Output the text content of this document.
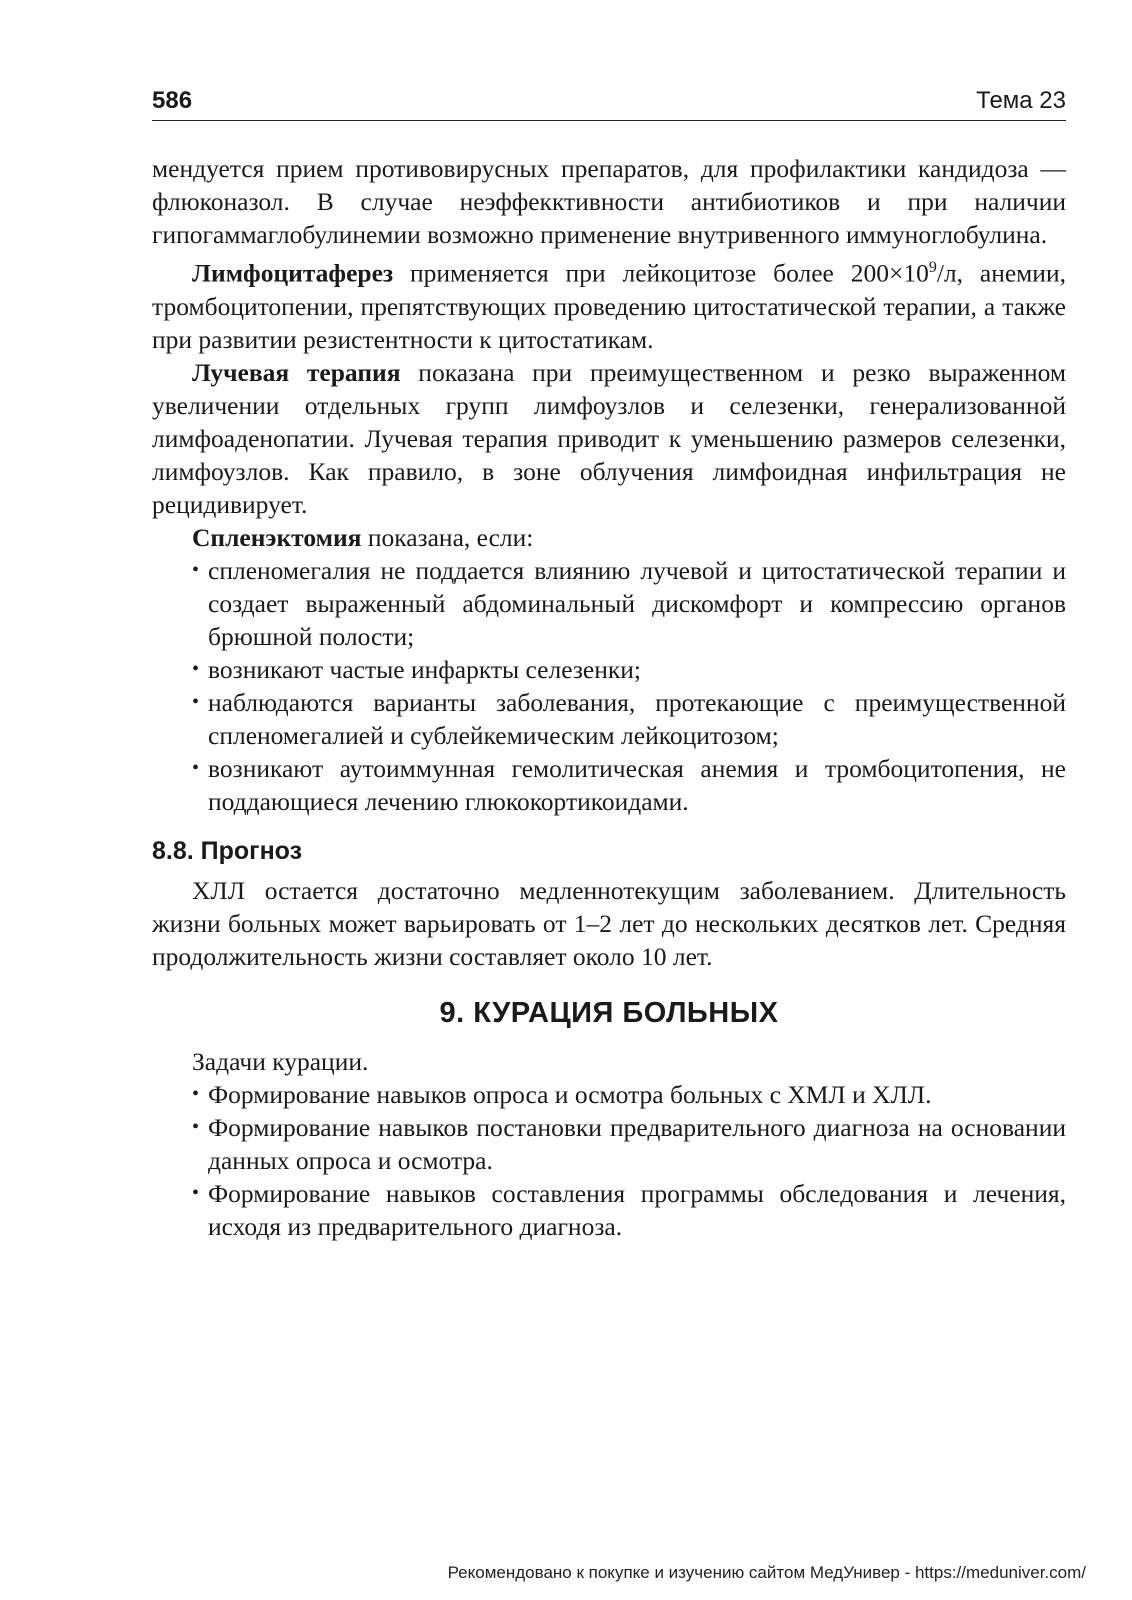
586	Тема 23

мендуется прием противовирусных препаратов, для профилактики кандидоза — флюконазол. В случае неэффекктивности антибиотиков и при наличии гипогаммаглобулинемии возможно применение внутривенного иммуноглобулина.

Лимфоцитаферез применяется при лейкоцитозе более $200\times 10^9/л$, анемии, тромбоцитопении, препятствующих проведению цитостатической терапии, а также при развитии резистентности к цитостатикам.

Лучевая терапия показана при преимущественном и резко выраженном увеличении отдельных групп лимфоузлов и селезенки, генерализованной лимфоаденопатии. Лучевая терапия приводит к уменьшению размеров селезенки, лимфоузлов. Как правило, в зоне облучения лимфоидная инфильтрация не рецидивирует.

Спленэктомия показана, если:

• спленомегалия не поддается влиянию лучевой и цитостатической терапии и создает выраженный абдоминальный дискомфорт и компрессию органов брюшной полости;
• возникают частые инфаркты селезенки;
• наблюдаются варианты заболевания, протекающие с преимущественной спленомегалией и сублейкемическим лейкоцитозом;
• возникают аутоиммунная гемолитическая анемия и тромбоцитопения, не поддающиеся лечению глюкокортикоидами.
8.8. Прогноз

ХЛЛ остается достаточно медленнотекущим заболеванием. Длительность жизни больных может варьировать от 1–2 лет до нескольких десятков лет. Средняя продолжительность жизни составляет около 10 лет.

9. КУРАЦИЯ БОЛЬНЫХ

Задачи курации.

• Формирование навыков опроса и осмотра больных с ХМЛ и ХЛЛ.
• Формирование навыков постановки предварительного диагноза на основании данных опроса и осмотра.
• Формирование навыков составления программы обследования и лечения, исходя из предварительного диагноза.
Рекомендовано к покупке и изучению сайтом МедУнивер - https://meduniver.com/
